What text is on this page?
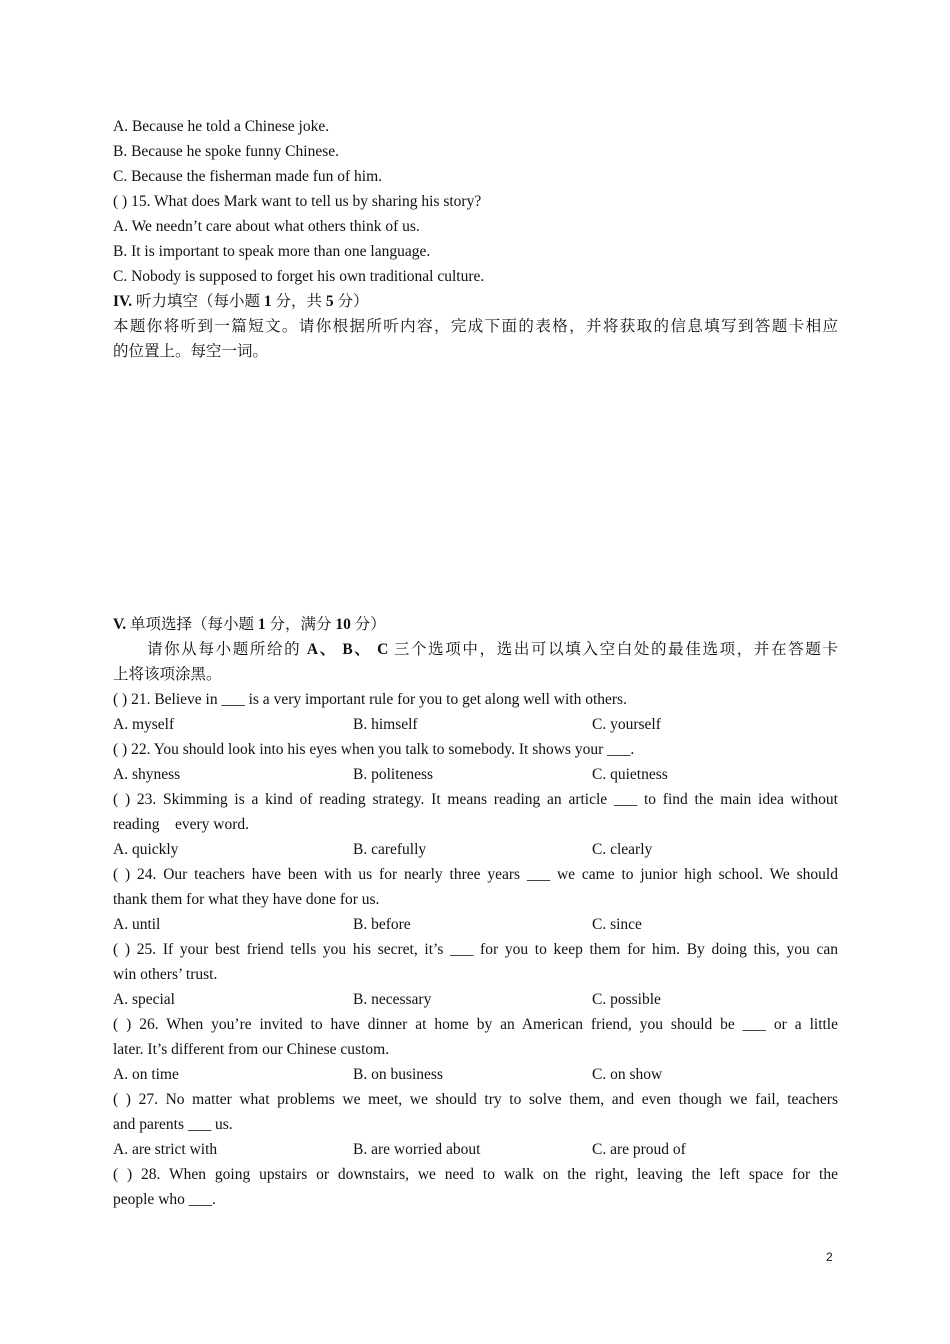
A. Because he told a Chinese joke.
B. Because he spoke funny Chinese.
C. Because the fisherman made fun of him.
( ) 15. What does Mark want to tell us by sharing his story?
A. We needn’t care about what others think of us.
B. It is important to speak more than one language.
C. Nobody is supposed to forget his own traditional culture.
IV. 听力填空（每小题 1 分，共 5 分）
本题你将听到一篇短文。请你根据所听内容，完成下面的表格，并将获取的信息填写到答题卡相应
的位置上。每空一词。
V. 单项选择（每小题 1 分，满分 10 分）
请你从每小题所给的 A、 B、 C 三个选项中，选出可以填入空白处的最佳选项，并在答题卡
上将该项涂黑。
( ) 21. Believe in ___ is a very important rule for you to get along well with others.
A. myself	B. himself	C. yourself
( ) 22. You should look into his eyes when you talk to somebody. It shows your ___.
A. shyness	B. politeness	C. quietness
( ) 23. Skimming is a kind of reading strategy. It means reading an article ___ to find the main idea without
reading    every word.
A. quickly	B. carefully	C. clearly
( ) 24. Our teachers have been with us for nearly three years ___ we came to junior high school. We should
thank them for what they have done for us.
A. until	B. before	C. since
( ) 25. If your best friend tells you his secret, it’s ___ for you to keep them for him. By doing this, you can
win others’ trust.
A. special	B. necessary	C. possible
( ) 26. When you’re invited to have dinner at home by an American friend, you should be ___ or a little
later. It’s different from our Chinese custom.
A. on time	B. on business	C. on show
( ) 27. No matter what problems we meet, we should try to solve them, and even though we fail, teachers
and parents ___ us.
A. are strict with	B. are worried about	C. are proud of
( ) 28. When going upstairs or downstairs, we need to walk on the right, leaving the left space for the
people who ___.
2
